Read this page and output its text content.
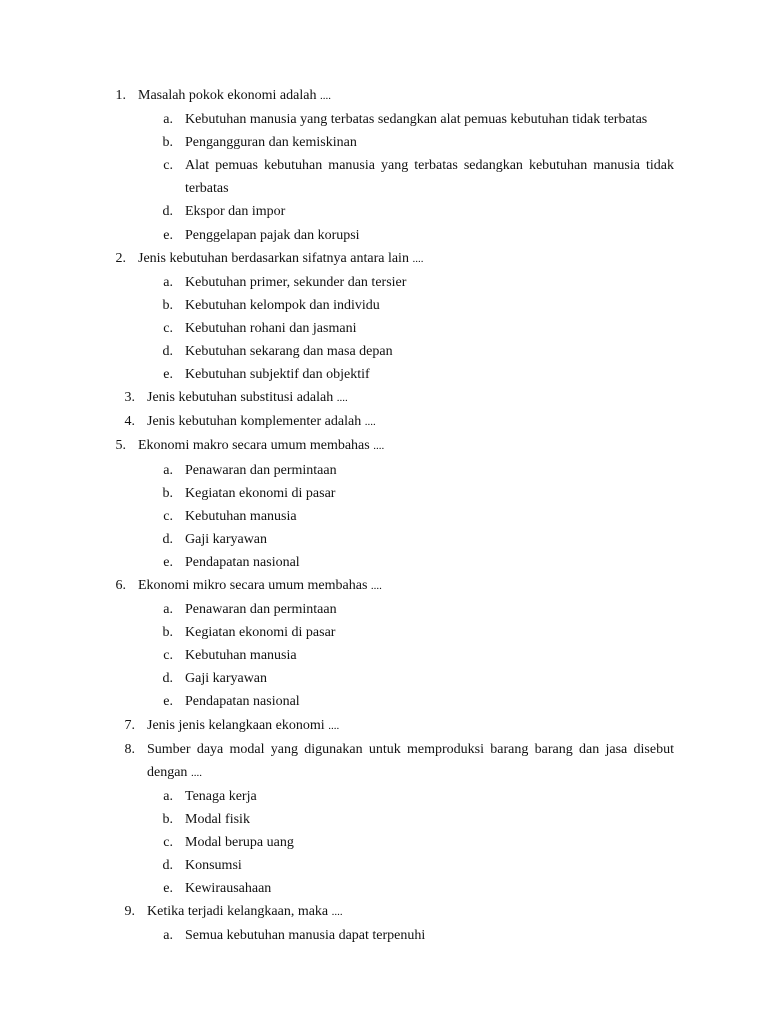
1. Masalah pokok ekonomi adalah ....
a. Kebutuhan manusia yang terbatas sedangkan alat pemuas kebutuhan tidak terbatas
b. Pengangguran dan kemiskinan
c. Alat pemuas kebutuhan manusia yang terbatas sedangkan kebutuhan manusia tidak terbatas
d. Ekspor dan impor
e. Penggelapan pajak dan korupsi
2. Jenis kebutuhan berdasarkan sifatnya antara lain ....
a. Kebutuhan primer, sekunder dan tersier
b. Kebutuhan kelompok dan individu
c. Kebutuhan rohani dan jasmani
d. Kebutuhan sekarang dan masa depan
e. Kebutuhan subjektif dan objektif
3. Jenis kebutuhan substitusi adalah ....
4. Jenis kebutuhan komplementer adalah ....
5. Ekonomi makro secara umum membahas ....
a. Penawaran dan permintaan
b. Kegiatan ekonomi di pasar
c. Kebutuhan manusia
d. Gaji karyawan
e. Pendapatan nasional
6. Ekonomi mikro secara umum membahas ....
a. Penawaran dan permintaan
b. Kegiatan ekonomi di pasar
c. Kebutuhan manusia
d. Gaji karyawan
e. Pendapatan nasional
7. Jenis jenis kelangkaan ekonomi ....
8. Sumber daya modal yang digunakan untuk memproduksi barang barang dan jasa disebut dengan ....
a. Tenaga kerja
b. Modal fisik
c. Modal berupa uang
d. Konsumsi
e. Kewirausahaan
9. Ketika terjadi kelangkaan, maka ....
a. Semua kebutuhan manusia dapat terpenuhi
